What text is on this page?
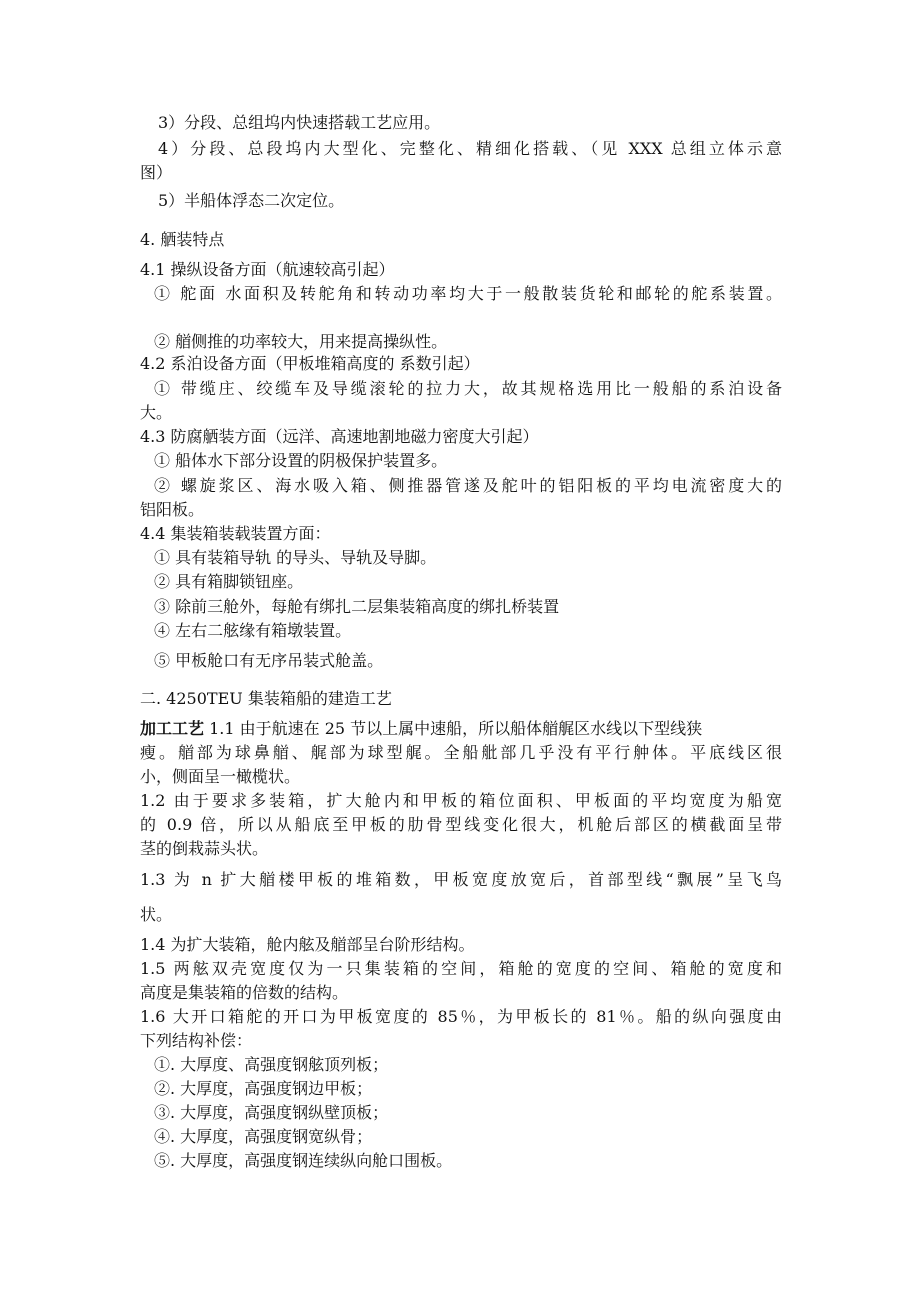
3）分段、总组坞内快速搭载工艺应用。

4）分段、总段坞内大型化、完整化、精细化搭载、（见 XXX 总组立体示意

图）

5）半船体浮态二次定位。

4. 舾装特点

4.1 操纵设备方面（航速较高引起）

① 舵面 水面积及转舵角和转动功率均大于一般散装货轮和邮轮的舵系装置。

② 艏侧推的功率较大，用来提高操纵性。

4.2 系泊设备方面（甲板堆箱高度的 系数引起）

① 带缆庄、绞缆车及导缆滚轮的拉力大，故其规格选用比一般船的系泊设备

大。

4.3 防腐舾装方面（远洋、高速地割地磁力密度大引起）

① 船体水下部分设置的阴极保护装置多。

② 螺旋浆区、海水吸入箱、侧推器管遂及舵叶的铝阳板的平均电流密度大的

铝阳板。

4.4 集装箱装载装置方面：

① 具有装箱导轨 的导头、导轨及导脚。

② 具有箱脚锁钮座。

③ 除前三舱外，每舱有绑扎二层集装箱高度的绑扎桥装置

④ 左右二舷缘有箱墩装置。

⑤ 甲板舱口有无序吊装式舱盖。

二. 4250TEU 集装箱船的建造工艺

加工工艺 1.1 由于航速在 25 节以上属中速船，所以船体艏艉区水线以下型线狭

瘦。艏部为球鼻艏、艉部为球型艉。全船舭部几乎没有平行舯体。平底线区很

小，侧面呈一橄榄状。

1.2 由于要求多装箱，扩大舱内和甲板的箱位面积、甲板面的平均宽度为船宽

的 0.9 倍，所以从船底至甲板的肋骨型线变化很大，机舱后部区的横截面呈带

茎的倒栽蒜头状。

1.3 为 n 扩大艏楼甲板的堆箱数，甲板宽度放宽后，首部型线“飘展”呈飞鸟

状。

1.4 为扩大装箱，舱内舷及艏部呈台阶形结构。

1.5 两舷双壳宽度仅为一只集装箱的空间，箱舱的宽度的空间、箱舱的宽度和

高度是集装箱的倍数的结构。

1.6 大开口箱舵的开口为甲板宽度的 85％，为甲板长的 81％。船的纵向强度由

下列结构补偿：

①. 大厚度、高强度钢舷顶列板；

②. 大厚度，高强度钢边甲板；

③. 大厚度，高强度钢纵壁顶板；

④. 大厚度，高强度钢宽纵骨；

⑤. 大厚度，高强度钢连续纵向舱口围板。
